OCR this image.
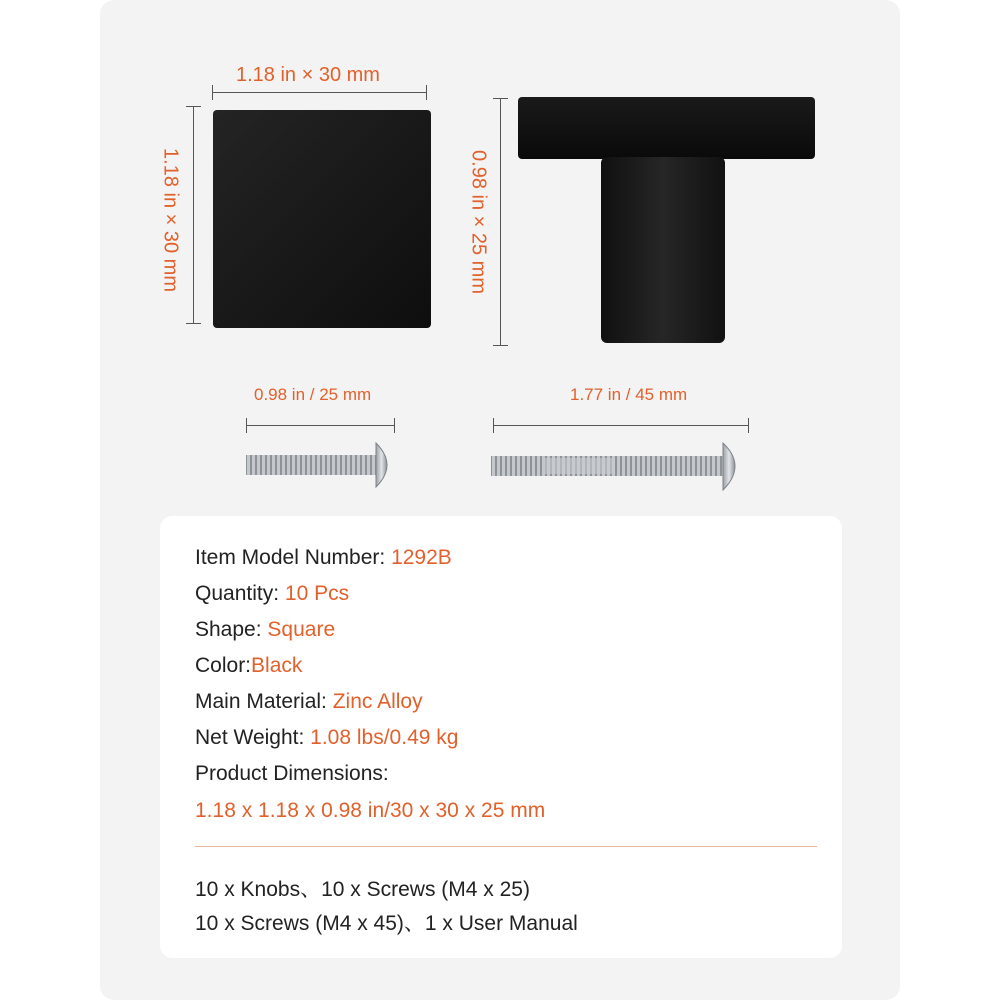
1.18 in × 30 mm
1.18 in × 30 mm	0.98 in × 25 mm
0.98 in / 25 mm	1.77 in / 45 mm
Item Model Number: 1292B
Quantity: 10 Pcs
Shape: Square
Color:Black
Main Material: Zinc Alloy
Net Weight: 1.08 lbs/0.49 kg
Product Dimensions:
1.18 x 1.18 x 0.98 in/30 x 30 x 25 mm
10 x Knobs、10 x Screws (M4 x 25)
10 x Screws (M4 x 45)、1 x User Manual
